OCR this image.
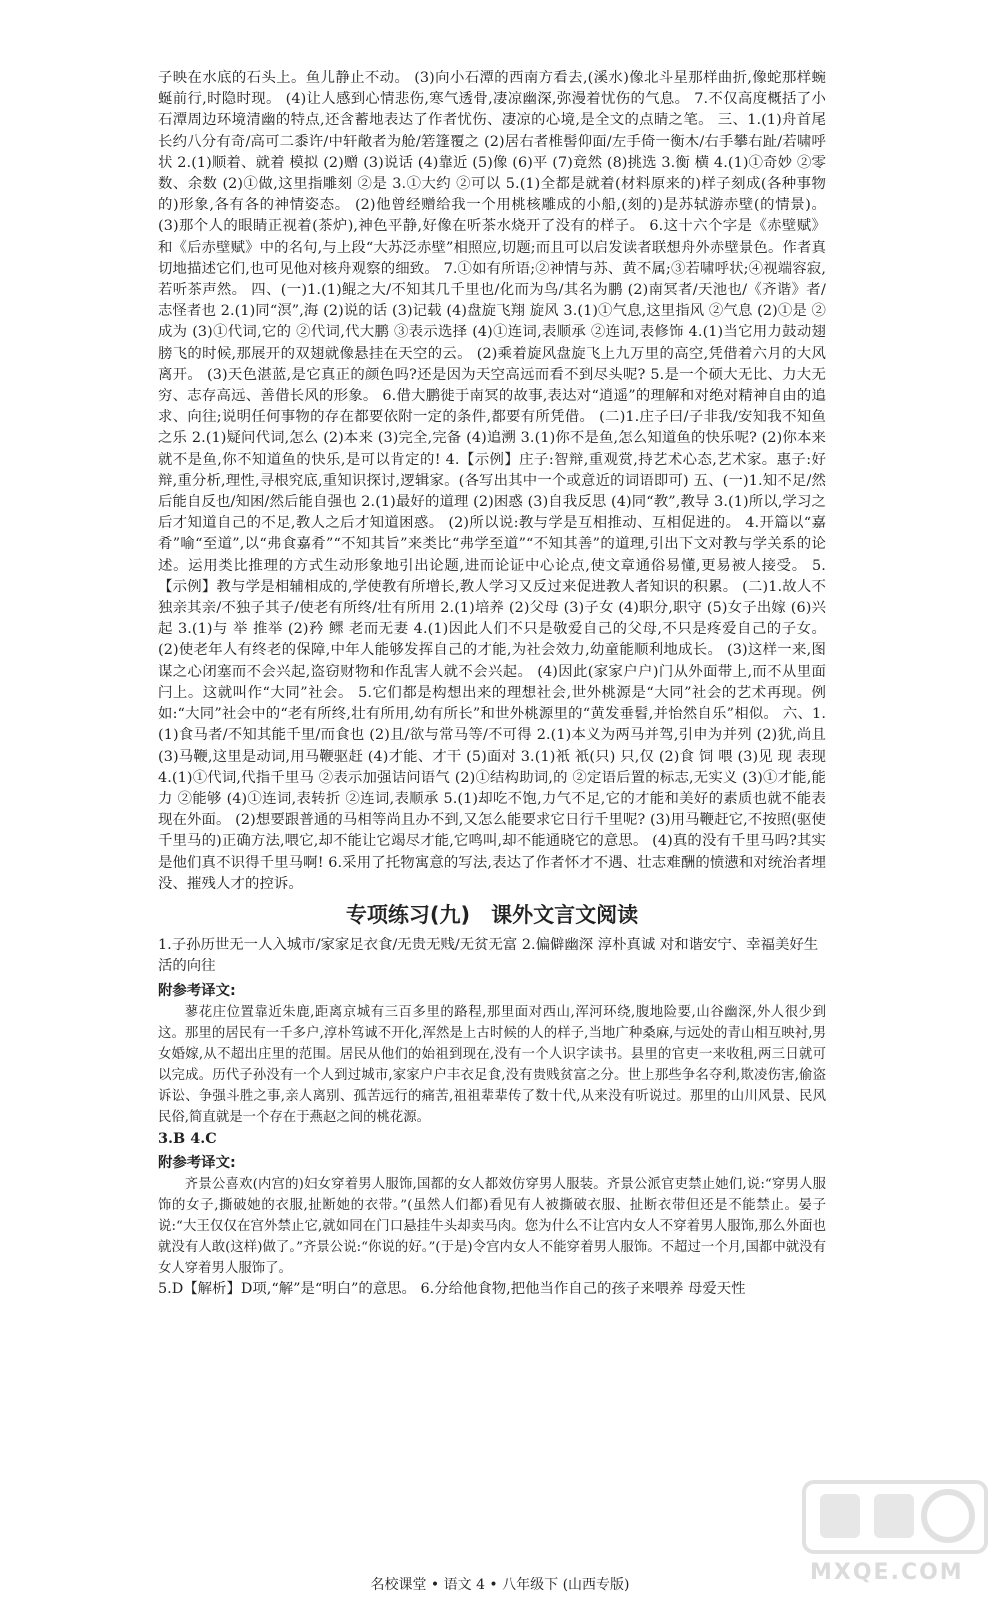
子映在水底的石头上。鱼儿静止不动。 (3)向小石潭的西南方看去,(溪水)像北斗星那样曲折,像蛇那样蜿蜒前行,时隐时现。 (4)让人感到心情悲伤,寒气透骨,凄凉幽深,弥漫着忧伤的气息。 7.不仅高度概括了小石潭周边环境清幽的特点,还含蓄地表达了作者忧伤、凄凉的心境,是全文的点睛之笔。 三、1.(1)舟首尾长约八分有奇/高可二黍许/中轩敞者为舱/箬篷覆之 (2)居右者椎髻仰面/左手倚一衡木/右手攀右趾/若啸呼状 2.(1)顺着、就着 模拟 (2)赠 (3)说话 (4)靠近 (5)像 (6)平 (7)竟然 (8)挑选 3.衡 横 4.(1)①奇妙 ②零数、余数 (2)①做,这里指雕刻 ②是 3.①大约 ②可以 5.(1)全都是就着(材料原来的)样子刻成(各种事物的)形象,各有各的神情姿态。 (2)他曾经赠给我一个用桃核雕成的小船,(刻的)是苏轼游赤壁(的情景)。 (3)那个人的眼睛正视着(茶炉),神色平静,好像在听茶水烧开了没有的样子。 6.这十六个字是《赤壁赋》和《后赤壁赋》中的名句,与上段“大苏泛赤壁”相照应,切题;而且可以启发读者联想舟外赤壁景色。作者真切地描述它们,也可见他对核舟观察的细致。 7.①如有所语;②神情与苏、黄不属;③若啸呼状;④视端容寂,若听茶声然。 四、(一)1.(1)鲲之大/不知其几千里也/化而为鸟/其名为鹏 (2)南冥者/天池也/《齐谐》者/志怪者也 2.(1)同“溟”,海 (2)说的话 (3)记载 (4)盘旋飞翔 旋风 3.(1)①气息,这里指风 ②气息 (2)①是 ②成为 (3)①代词,它的 ②代词,代大鹏 ③表示选择 (4)①连词,表顺承 ②连词,表修饰 4.(1)当它用力鼓动翅膀飞的时候,那展开的双翅就像悬挂在天空的云。 (2)乘着旋风盘旋飞上九万里的高空,凭借着六月的大风离开。 (3)天色湛蓝,是它真正的颜色吗?还是因为天空高远而看不到尽头呢? 5.是一个硕大无比、力大无穷、志存高远、善借长风的形象。 6.借大鹏徙于南冥的故事,表达对“逍遥”的理解和对绝对精神自由的追求、向往;说明任何事物的存在都要依附一定的条件,都要有所凭借。 (二)1.庄子曰/子非我/安知我不知鱼之乐 2.(1)疑问代词,怎么 (2)本来 (3)完全,完备 (4)追溯 3.(1)你不是鱼,怎么知道鱼的快乐呢? (2)你本来就不是鱼,你不知道鱼的快乐,是可以肯定的! 4.【示例】庄子:智辩,重观赏,持艺术心态,艺术家。惠子:好辩,重分析,理性,寻根究底,重知识探讨,逻辑家。(各写出其中一个或意近的词语即可) 五、(一)1.知不足/然后能自反也/知困/然后能自强也 2.(1)最好的道理 (2)困惑 (3)自我反思 (4)同“教”,教导 3.(1)所以,学习之后才知道自己的不足,教人之后才知道困惑。 (2)所以说:教与学是互相推动、互相促进的。 4.开篇以“嘉肴”喻“至道”,以“弗食嘉肴”“不知其旨”来类比“弗学至道”“不知其善”的道理,引出下文对教与学关系的论述。运用类比推理的方式生动形象地引出论题,进而论证中心论点,使文章通俗易懂,更易被人接受。 5.【示例】教与学是相辅相成的,学使教有所增长,教人学习又反过来促进教人者知识的积累。 (二)1.故人不独亲其亲/不独子其子/使老有所终/壮有所用 2.(1)培养 (2)父母 (3)子女 (4)职分,职守 (5)女子出嫁 (6)兴起 3.(1)与 举 推举 (2)矜 鳏 老而无妻 4.(1)因此人们不只是敬爱自己的父母,不只是疼爱自己的子女。 (2)使老年人有终老的保障,中年人能够发挥自己的才能,为社会效力,幼童能顺利地成长。 (3)这样一来,图谋之心闭塞而不会兴起,盗窃财物和作乱害人就不会兴起。 (4)因此(家家户户)门从外面带上,而不从里面闩上。这就叫作“大同”社会。 5.它们都是构想出来的理想社会,世外桃源是“大同”社会的艺术再现。例如:“大同”社会中的“老有所终,壮有所用,幼有所长”和世外桃源里的“黄发垂髫,并怡然自乐”相似。 六、1.(1)食马者/不知其能千里/而食也 (2)且/欲与常马等/不可得 2.(1)本义为两马并驾,引申为并列 (2)犹,尚且 (3)马鞭,这里是动词,用马鞭驱赶 (4)才能、才干 (5)面对 3.(1)衹 衹(只) 只,仅 (2)食 饲 喂 (3)见 现 表现 4.(1)①代词,代指千里马 ②表示加强诘问语气 (2)①结构助词,的 ②定语后置的标志,无实义 (3)①才能,能力 ②能够 (4)①连词,表转折 ②连词,表顺承 5.(1)却吃不饱,力气不足,它的才能和美好的素质也就不能表现在外面。 (2)想要跟普通的马相等尚且办不到,又怎么能要求它日行千里呢? (3)用马鞭赶它,不按照(驱使千里马的)正确方法,喂它,却不能让它竭尽才能,它鸣叫,却不能通晓它的意思。 (4)真的没有千里马吗?其实是他们真不识得千里马啊! 6.采用了托物寓意的写法,表达了作者怀才不遇、壮志难酬的愤懑和对统治者埋没、摧残人才的控诉。

专项练习(九)　课外文言文阅读

1.子孙历世无一人入城市/家家足衣食/无贵无贱/无贫无富 2.偏僻幽深 淳朴真诚 对和谐安宁、幸福美好生活的向往

附参考译文:

蓼花庄位置靠近朱鹿,距离京城有三百多里的路程,那里面对西山,浑河环绕,腹地险要,山谷幽深,外人很少到这。那里的居民有一千多户,淳朴笃诚不开化,浑然是上古时候的人的样子,当地广种桑麻,与远处的青山相互映衬,男女婚嫁,从不超出庄里的范围。居民从他们的始祖到现在,没有一个人识字读书。县里的官吏一来收租,两三日就可以完成。历代子孙没有一个人到过城市,家家户户丰衣足食,没有贵贱贫富之分。世上那些争名夺利,欺凌伤害,偷盗诉讼、争强斗胜之事,亲人离别、孤苦远行的痛苦,祖祖辈辈传了数十代,从来没有听说过。那里的山川风景、民风民俗,简直就是一个存在于燕赵之间的桃花源。

3.B 4.C

附参考译文:

齐景公喜欢(内宫的)妇女穿着男人服饰,国都的女人都效仿穿男人服装。齐景公派官吏禁止她们,说:“穿男人服饰的女子,撕破她的衣服,扯断她的衣带。”(虽然人们都)看见有人被撕破衣服、扯断衣带但还是不能禁止。晏子说:“大王仅仅在宫外禁止它,就如同在门口悬挂牛头却卖马肉。您为什么不让宫内女人不穿着男人服饰,那么外面也就没有人敢(这样)做了。”齐景公说:“你说的好。”(于是)令宫内女人不能穿着男人服饰。不超过一个月,国都中就没有女人穿着男人服饰了。

5.D【解析】D项,“解”是“明白”的意思。 6.分给他食物,把他当作自己的孩子来喂养 母爱天性

MXQE.COM
名校课堂 • 语文 4 • 八年级下 (山西专版)
